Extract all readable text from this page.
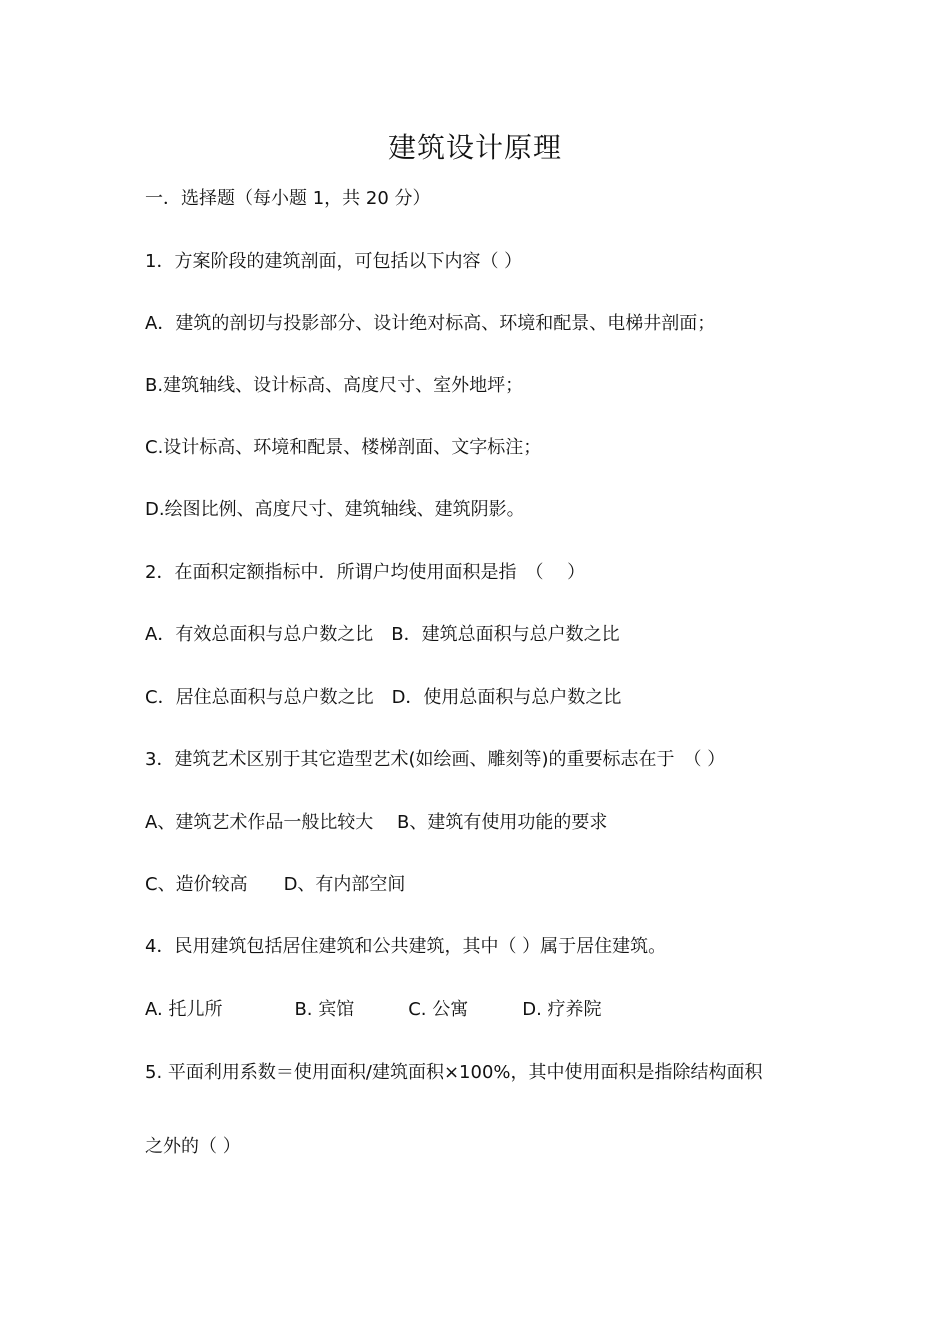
建筑设计原理

一．选择题（每小题 1，共 20 分）

1．方案阶段的建筑剖面，可包括以下内容（ ）

A．建筑的剖切与投影部分、设计绝对标高、环境和配景、电梯井剖面；

B.建筑轴线、设计标高、高度尺寸、室外地坪；

C.设计标高、环境和配景、楼梯剖面、文字标注；

D.绘图比例、高度尺寸、建筑轴线、建筑阴影。

2．在面积定额指标中．所谓户均使用面积是指　（　 ）

A．有效总面积与总户数之比　B．建筑总面积与总户数之比

C．居住总面积与总户数之比　D．使用总面积与总户数之比

3．建筑艺术区别于其它造型艺术(如绘画、雕刻等)的重要标志在于　（ ）

A、建筑艺术作品一般比较大　 B、建筑有使用功能的要求

C、造价较高　　D、有内部空间

4．民用建筑包括居住建筑和公共建筑，其中（ ）属于居住建筑。

A. 托儿所　　　　B. 宾馆　　　C. 公寓　　　D. 疗养院

5. 平面利用系数＝使用面积/建筑面积×100%，其中使用面积是指除结构面积

之外的（ ）
